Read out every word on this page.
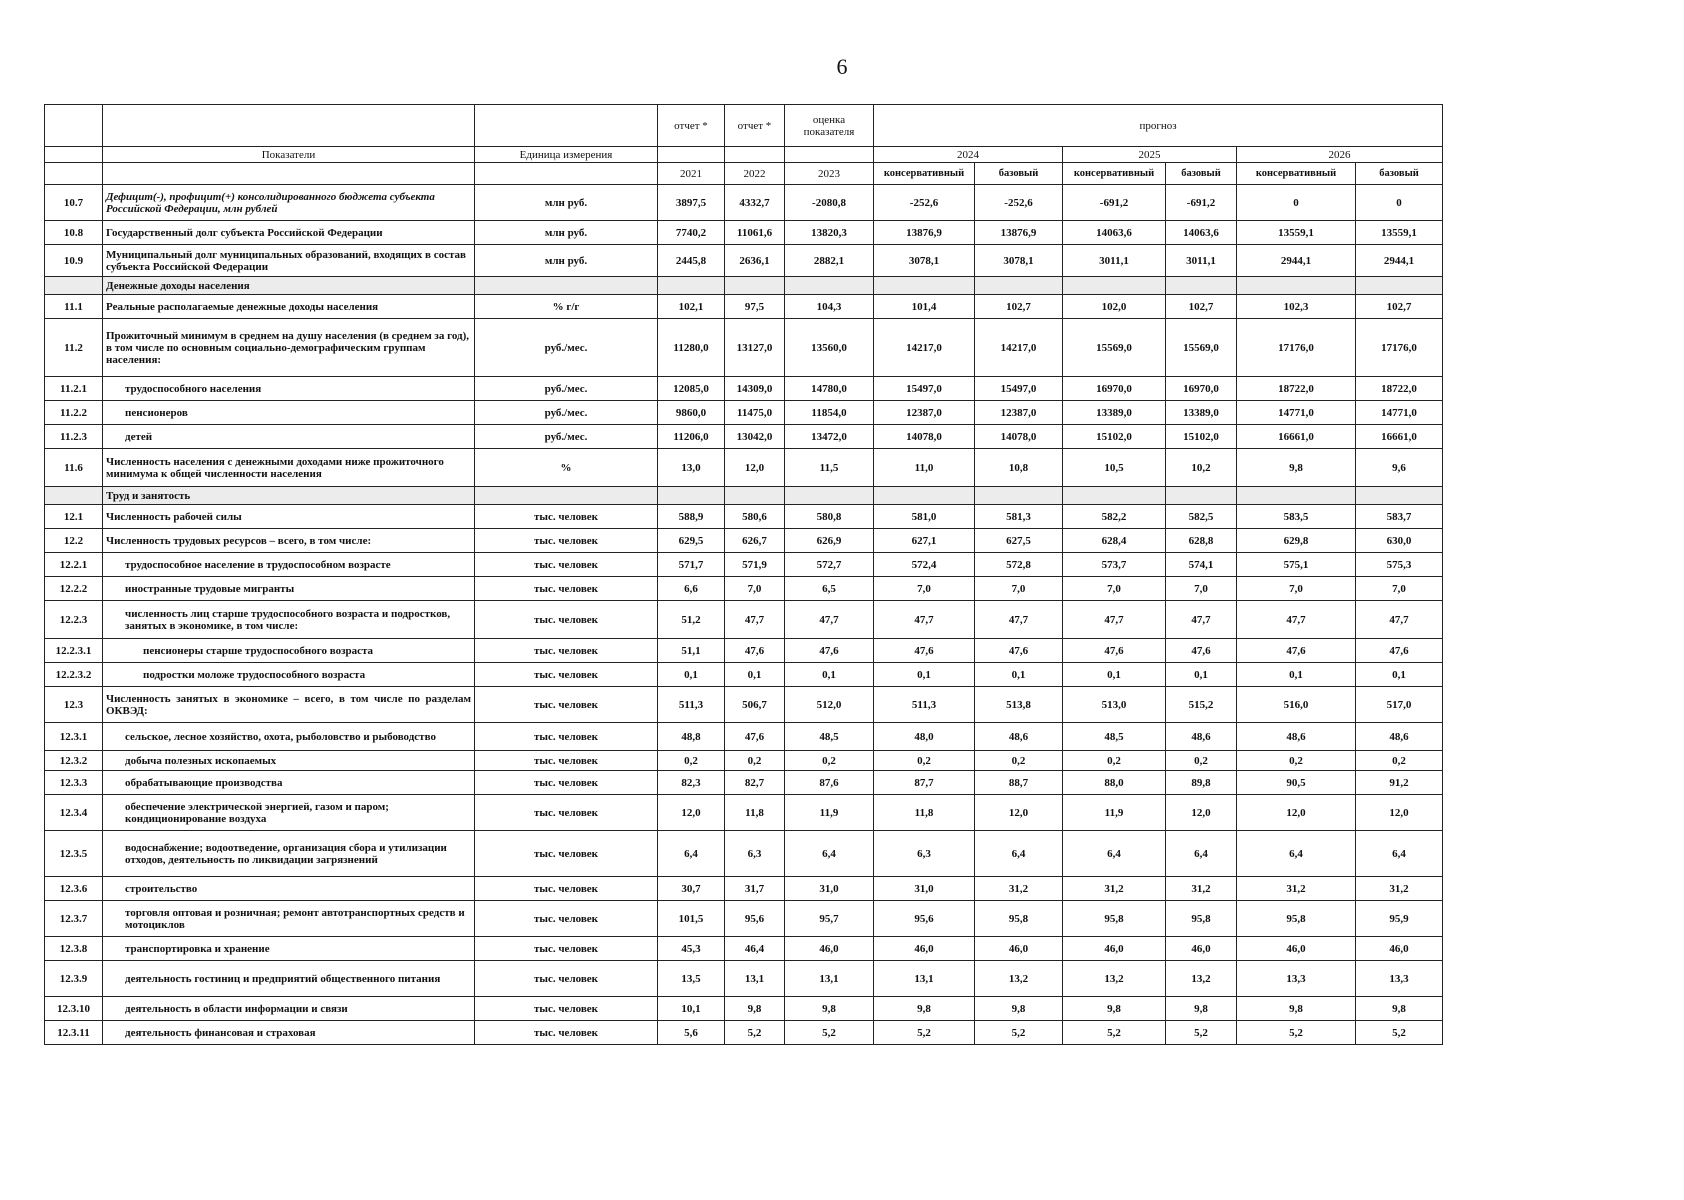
6
			отчет *	отчет *	оценка показателя	прогноз					
	Показатели	Единица измерения				2024		2025		2026	
			2021	2022	2023	консервативный	базовый	консервативный	базовый	консервативный	базовый
10.7	Дефицит(-), профицит(+) консолидированного бюджета субъекта Российской Федерации, млн рублей	млн руб.	3897,5	4332,7	-2080,8	-252,6	-252,6	-691,2	-691,2	0	0
10.8	Государственный долг субъекта Российской Федерации	млн руб.	7740,2	11061,6	13820,3	13876,9	13876,9	14063,6	14063,6	13559,1	13559,1
10.9	Муниципальный долг муниципальных образований, входящих в состав субъекта Российской Федерации	млн руб.	2445,8	2636,1	2882,1	3078,1	3078,1	3011,1	3011,1	2944,1	2944,1
	Денежные доходы населения										
11.1	Реальные располагаемые денежные доходы населения	% г/г	102,1	97,5	104,3	101,4	102,7	102,0	102,7	102,3	102,7
11.2	Прожиточный минимум в среднем на душу населения (в среднем за год), в том числе по основным социально-демографическим группам населения:	руб./мес.	11280,0	13127,0	13560,0	14217,0	14217,0	15569,0	15569,0	17176,0	17176,0
11.2.1	трудоспособного населения	руб./мес.	12085,0	14309,0	14780,0	15497,0	15497,0	16970,0	16970,0	18722,0	18722,0
11.2.2	пенсионеров	руб./мес.	9860,0	11475,0	11854,0	12387,0	12387,0	13389,0	13389,0	14771,0	14771,0
11.2.3	детей	руб./мес.	11206,0	13042,0	13472,0	14078,0	14078,0	15102,0	15102,0	16661,0	16661,0
11.6	Численность населения с денежными доходами ниже прожиточного минимума к общей численности населения	%	13,0	12,0	11,5	11,0	10,8	10,5	10,2	9,8	9,6
	Труд и занятость										
12.1	Численность рабочей силы	тыс. человек	588,9	580,6	580,8	581,0	581,3	582,2	582,5	583,5	583,7
12.2	Численность трудовых ресурсов – всего, в том числе:	тыс. человек	629,5	626,7	626,9	627,1	627,5	628,4	628,8	629,8	630,0
12.2.1	трудоспособное население в трудоспособном возрасте	тыс. человек	571,7	571,9	572,7	572,4	572,8	573,7	574,1	575,1	575,3
12.2.2	иностранные трудовые мигранты	тыс. человек	6,6	7,0	6,5	7,0	7,0	7,0	7,0	7,0	7,0
12.2.3	численность лиц старше трудоспособного возраста и подростков, занятых в экономике, в том числе:	тыс. человек	51,2	47,7	47,7	47,7	47,7	47,7	47,7	47,7	47,7
12.2.3.1	пенсионеры старше трудоспособного возраста	тыс. человек	51,1	47,6	47,6	47,6	47,6	47,6	47,6	47,6	47,6
12.2.3.2	подростки моложе трудоспособного возраста	тыс. человек	0,1	0,1	0,1	0,1	0,1	0,1	0,1	0,1	0,1
12.3	Численность занятых в экономике – всего, в том числе по разделам ОКВЭД:	тыс. человек	511,3	506,7	512,0	511,3	513,8	513,0	515,2	516,0	517,0
12.3.1	сельское, лесное хозяйство, охота, рыболовство и рыбоводство	тыс. человек	48,8	47,6	48,5	48,0	48,6	48,5	48,6	48,6	48,6
12.3.2	добыча полезных ископаемых	тыс. человек	0,2	0,2	0,2	0,2	0,2	0,2	0,2	0,2	0,2
12.3.3	обрабатывающие производства	тыс. человек	82,3	82,7	87,6	87,7	88,7	88,0	89,8	90,5	91,2
12.3.4	обеспечение электрической энергией, газом и паром; кондиционирование воздуха	тыс. человек	12,0	11,8	11,9	11,8	12,0	11,9	12,0	12,0	12,0
12.3.5	водоснабжение; водоотведение, организация сбора и утилизации отходов, деятельность по ликвидации загрязнений	тыс. человек	6,4	6,3	6,4	6,3	6,4	6,4	6,4	6,4	6,4
12.3.6	строительство	тыс. человек	30,7	31,7	31,0	31,0	31,2	31,2	31,2	31,2	31,2
12.3.7	торговля оптовая и розничная; ремонт автотранспортных средств и мотоциклов	тыс. человек	101,5	95,6	95,7	95,6	95,8	95,8	95,8	95,8	95,9
12.3.8	транспортировка и хранение	тыс. человек	45,3	46,4	46,0	46,0	46,0	46,0	46,0	46,0	46,0
12.3.9	деятельность гостиниц и предприятий общественного питания	тыс. человек	13,5	13,1	13,1	13,1	13,2	13,2	13,2	13,3	13,3
12.3.10	деятельность в области информации и связи	тыс. человек	10,1	9,8	9,8	9,8	9,8	9,8	9,8	9,8	9,8
12.3.11	деятельность финансовая и страховая	тыс. человек	5,6	5,2	5,2	5,2	5,2	5,2	5,2	5,2	5,2
